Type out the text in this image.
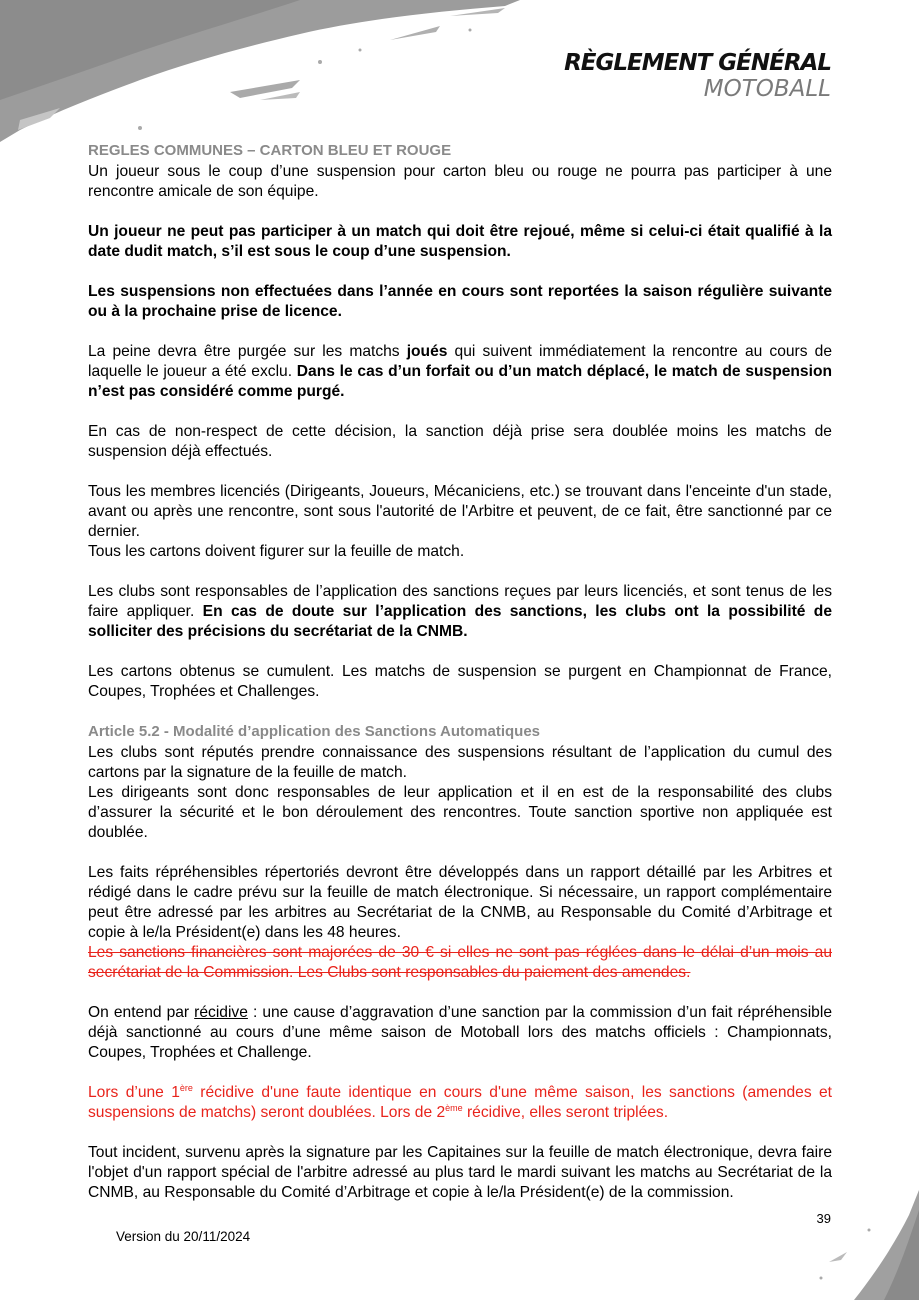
RÈGLEMENT GÉNÉRAL
MOTOBALL
REGLES COMMUNES – CARTON BLEU ET ROUGE

Un joueur sous le coup d’une suspension pour carton bleu ou rouge ne pourra pas participer à une rencontre amicale de son équipe.

Un joueur ne peut pas participer à un match qui doit être rejoué, même si celui-ci était qualifié à la date dudit match, s’il est sous le coup d’une suspension.

Les suspensions non effectuées dans l’année en cours sont reportées la saison régulière suivante ou à la prochaine prise de licence.

La peine devra être purgée sur les matchs joués qui suivent immédiatement la rencontre au cours de laquelle le joueur a été exclu. Dans le cas d’un forfait ou d’un match déplacé, le match de suspension n’est pas considéré comme purgé.

En cas de non-respect de cette décision, la sanction déjà prise sera doublée moins les matchs de suspension déjà effectués.

Tous les membres licenciés (Dirigeants, Joueurs, Mécaniciens, etc.) se trouvant dans l'enceinte d'un stade, avant ou après une rencontre, sont sous l'autorité de l'Arbitre et peuvent, de ce fait, être sanctionné par ce dernier.

Tous les cartons doivent figurer sur la feuille de match.

Les clubs sont responsables de l’application des sanctions reçues par leurs licenciés, et sont tenus de les faire appliquer. En cas de doute sur l’application des sanctions, les clubs ont la possibilité de solliciter des précisions du secrétariat de la CNMB.

Les cartons obtenus se cumulent. Les matchs de suspension se purgent en Championnat de France, Coupes, Trophées et Challenges.

Article 5.2 - Modalité d’application des Sanctions Automatiques

Les clubs sont réputés prendre connaissance des suspensions résultant de l’application du cumul des cartons par la signature de la feuille de match.

Les dirigeants sont donc responsables de leur application et il en est de la responsabilité des clubs d’assurer la sécurité et le bon déroulement des rencontres. Toute sanction sportive non appliquée est doublée.

Les faits répréhensibles répertoriés devront être développés dans un rapport détaillé par les Arbitres et rédigé dans le cadre prévu sur la feuille de match électronique. Si nécessaire, un rapport complémentaire peut être adressé par les arbitres au Secrétariat de la CNMB, au Responsable du Comité d’Arbitrage et copie à le/la Président(e) dans les 48 heures.

Les sanctions financières sont majorées de 30 € si elles ne sont pas réglées dans le délai d’un mois au secrétariat de la Commission. Les Clubs sont responsables du paiement des amendes.

On entend par récidive : une cause d’aggravation d’une sanction par la commission d’un fait répréhensible déjà sanctionné au cours d’une même saison de Motoball lors des matchs officiels : Championnats, Coupes, Trophées et Challenge.

Lors d’une 1ère récidive d'une faute identique en cours d'une même saison, les sanctions (amendes et suspensions de matchs) seront doublées. Lors de 2ème récidive, elles seront triplées.

Tout incident, survenu après la signature par les Capitaines sur la feuille de match électronique, devra faire l'objet d'un rapport spécial de l'arbitre adressé au plus tard le mardi suivant les matchs au Secrétariat de la CNMB, au Responsable du Comité d’Arbitrage et copie à le/la Président(e) de la commission.

39
Version du 20/11/2024
